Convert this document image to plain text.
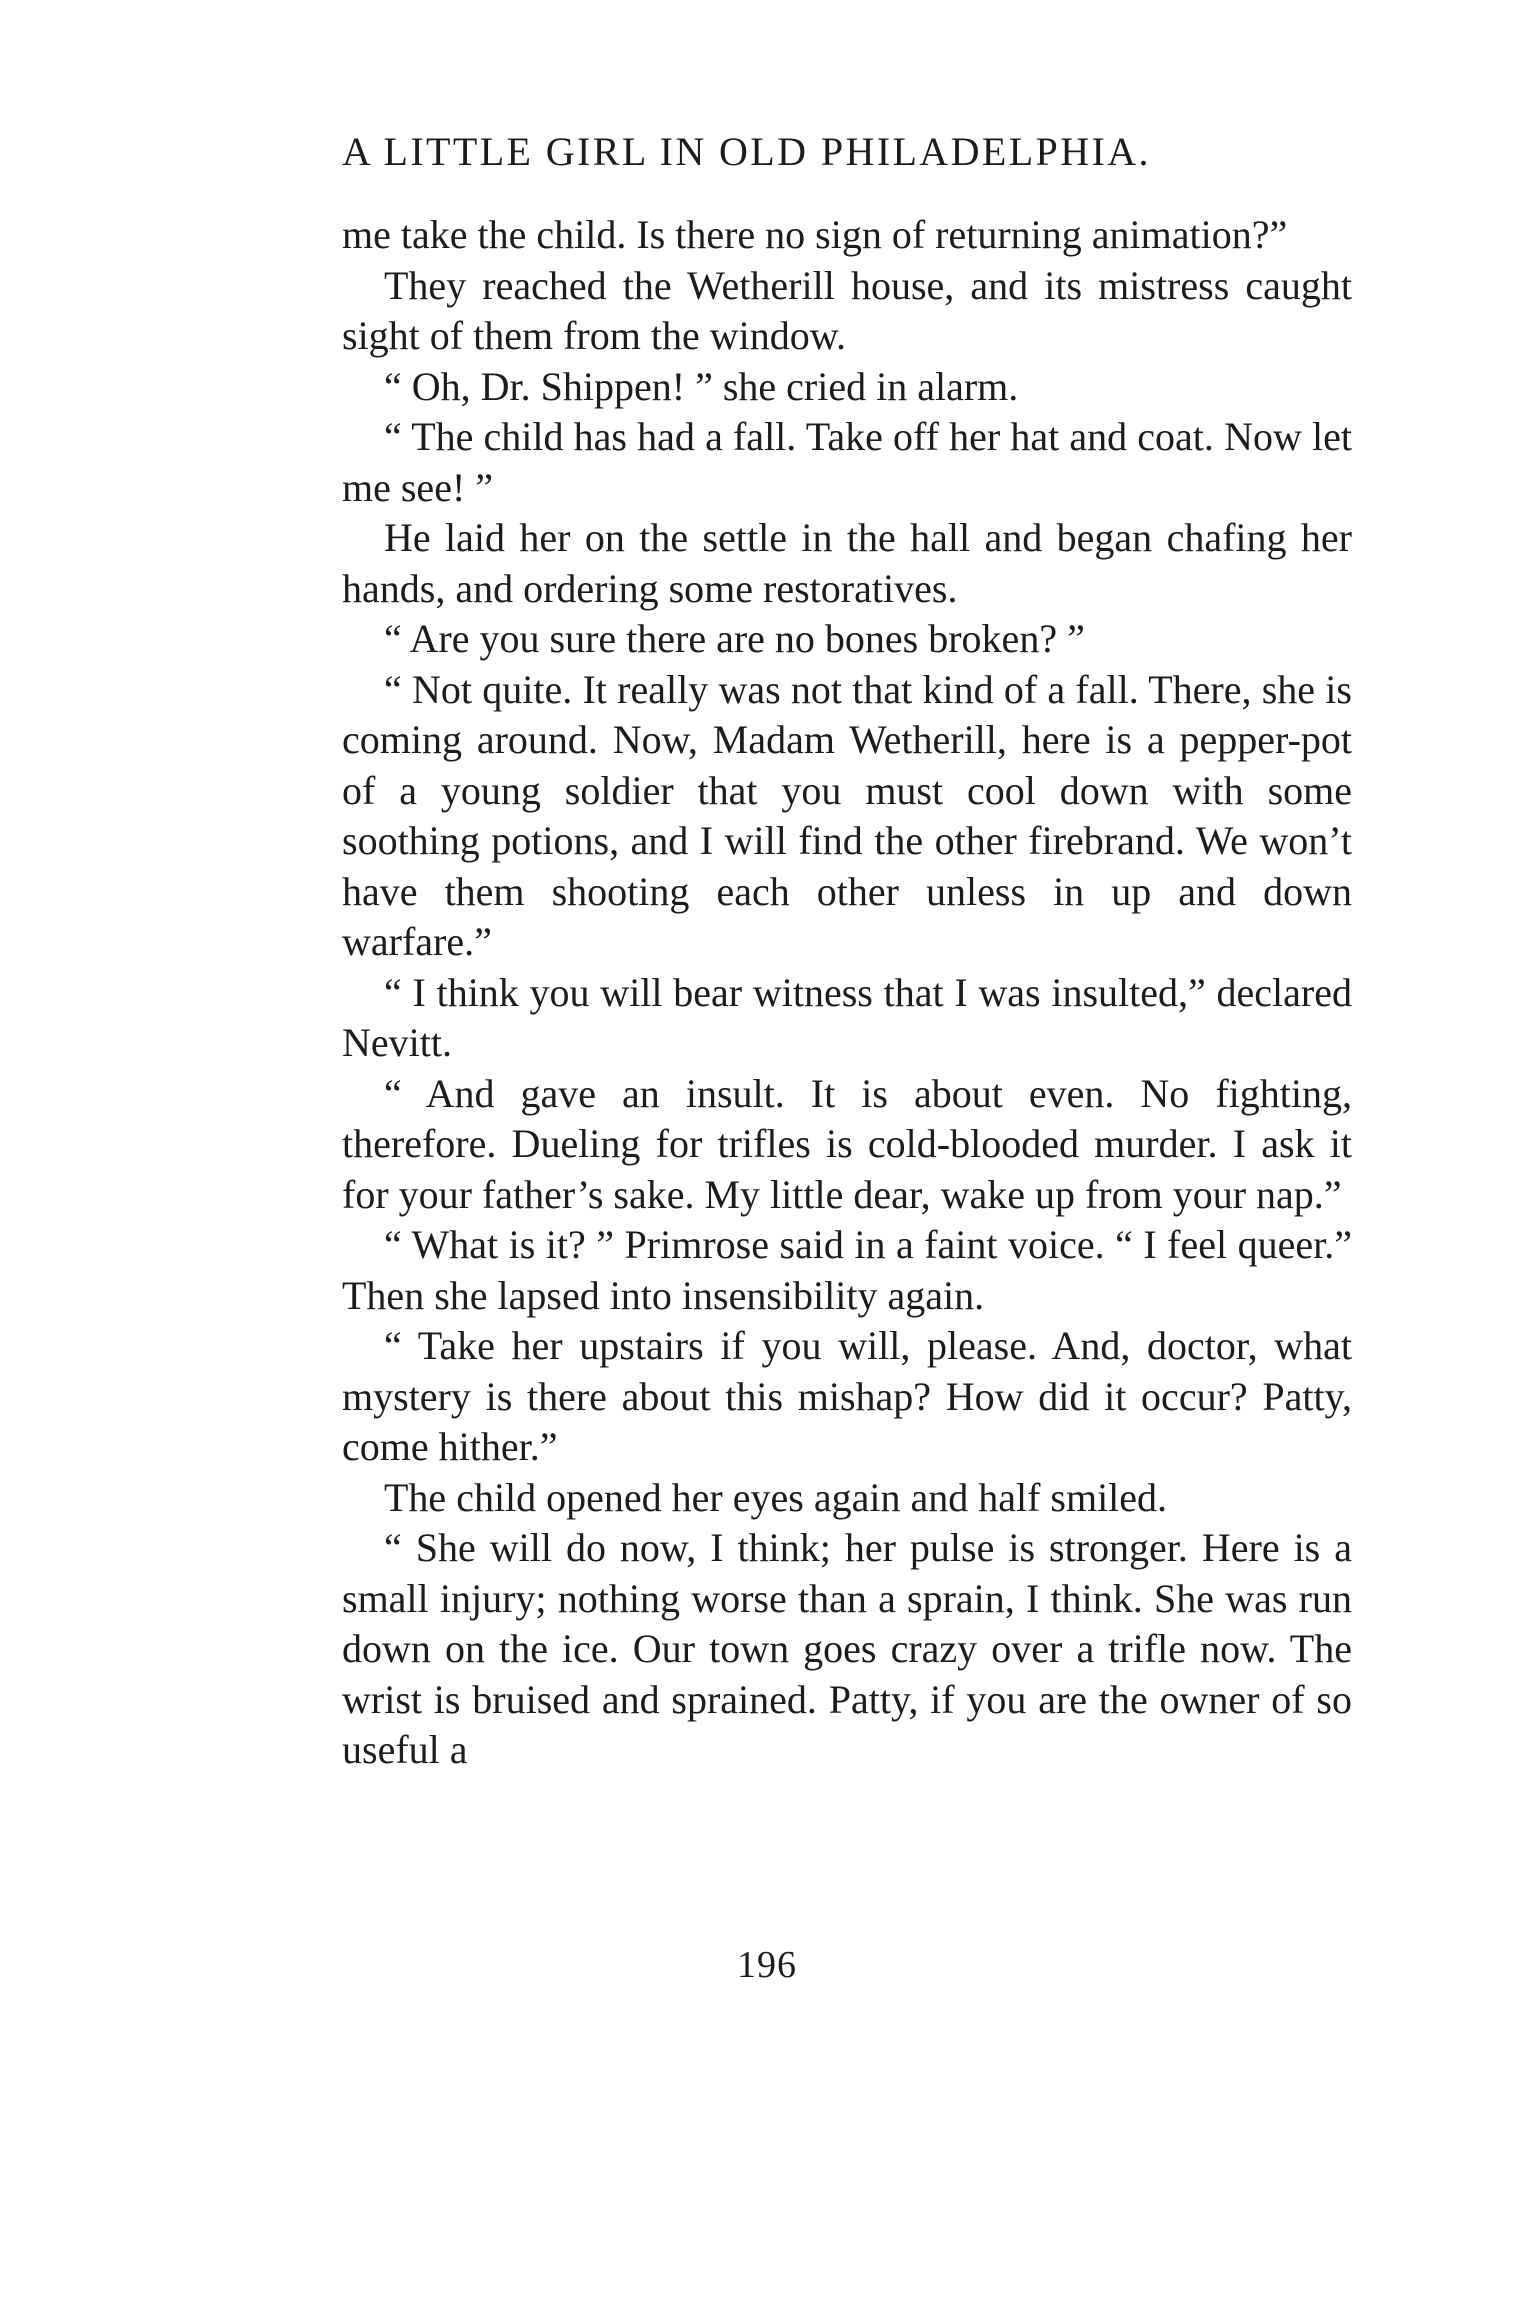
A LITTLE GIRL IN OLD PHILADELPHIA.

me take the child. Is there no sign of returning animation?”

They reached the Wetherill house, and its mistress caught sight of them from the window.

“ Oh, Dr. Shippen! ” she cried in alarm.

“ The child has had a fall. Take off her hat and coat. Now let me see! ”

He laid her on the settle in the hall and began chafing her hands, and ordering some restoratives.

“ Are you sure there are no bones broken? ”

“ Not quite. It really was not that kind of a fall. There, she is coming around. Now, Madam Wetherill, here is a pepper-pot of a young soldier that you must cool down with some soothing potions, and I will find the other firebrand. We won’t have them shooting each other unless in up and down warfare.”

“ I think you will bear witness that I was insulted,” declared Nevitt.

“ And gave an insult. It is about even. No fighting, therefore. Dueling for trifles is cold-blooded murder. I ask it for your father’s sake. My little dear, wake up from your nap.”

“ What is it? ” Primrose said in a faint voice. “ I feel queer.” Then she lapsed into insensibility again.

“ Take her upstairs if you will, please. And, doctor, what mystery is there about this mishap? How did it occur? Patty, come hither.”

The child opened her eyes again and half smiled.

“ She will do now, I think; her pulse is stronger. Here is a small injury; nothing worse than a sprain, I think. She was run down on the ice. Our town goes crazy over a trifle now. The wrist is bruised and sprained. Patty, if you are the owner of so useful a

196
